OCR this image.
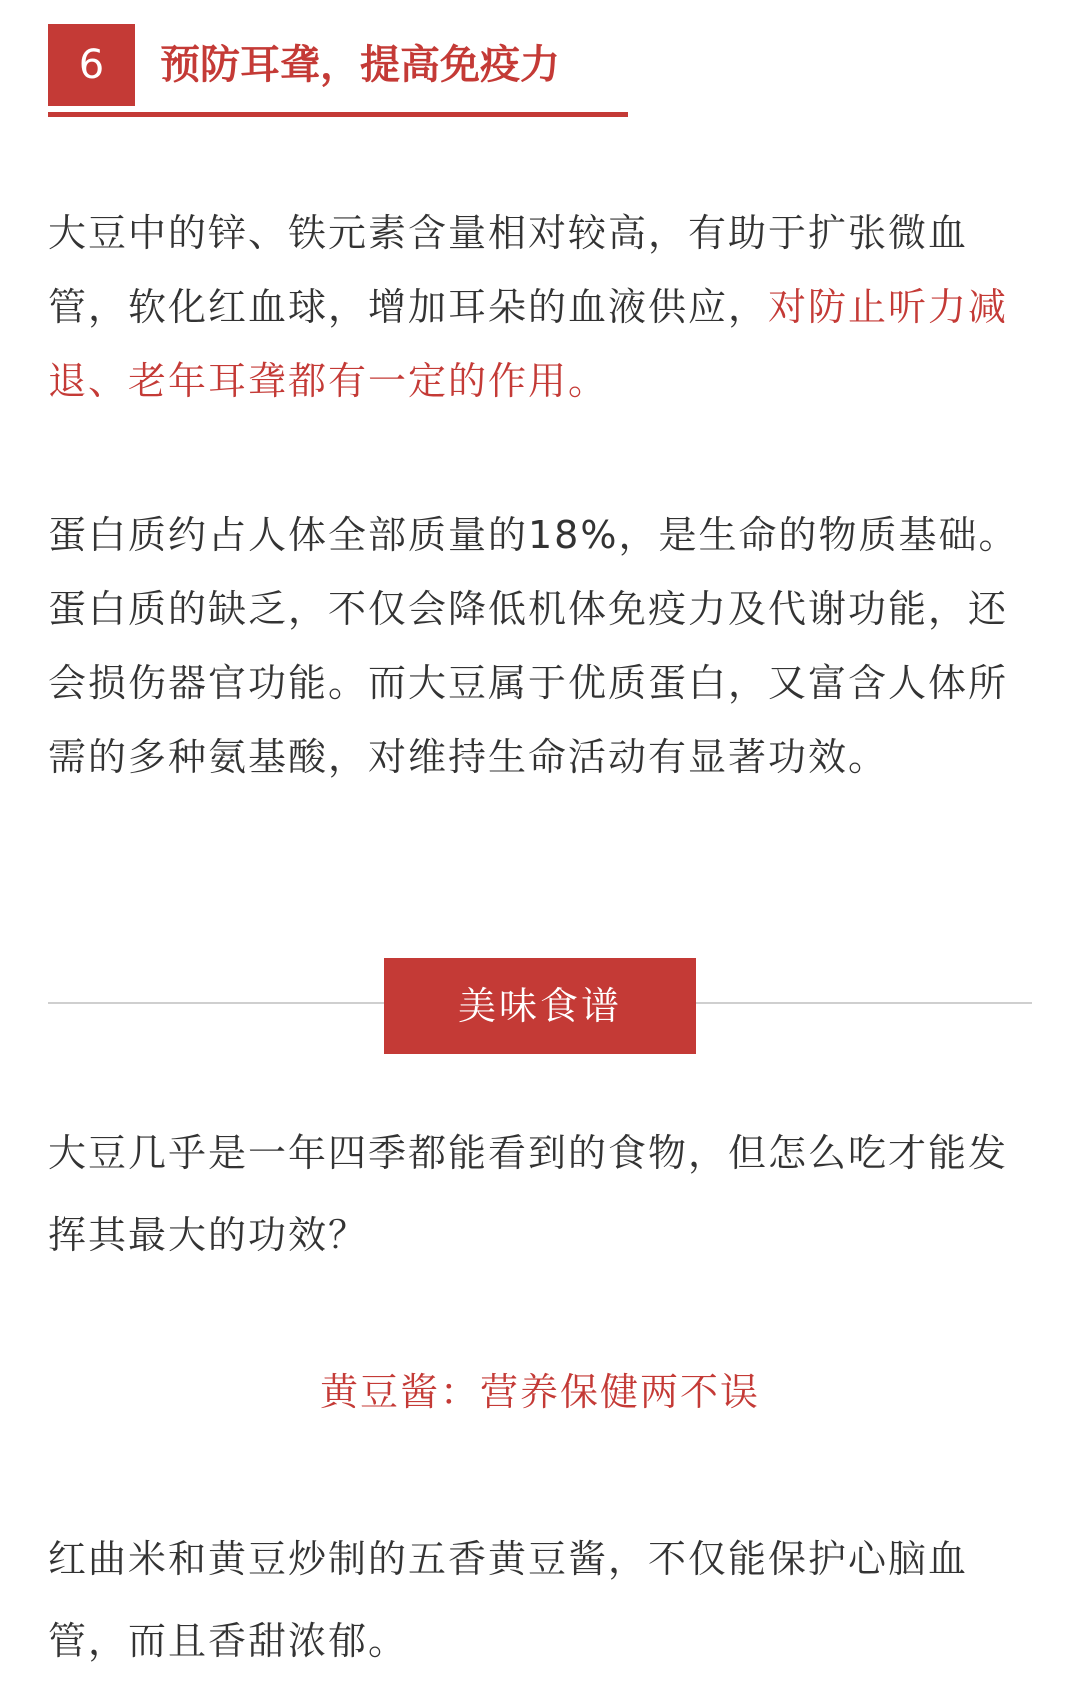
6	预防耳聋，提高免疫力

大豆中的锌、铁元素含量相对较高，有助于扩张微血管，软化红血球，增加耳朵的血液供应，对防止听力减退、老年耳聋都有一定的作用。

蛋白质约占人体全部质量的18%，是生命的物质基础。蛋白质的缺乏，不仅会降低机体免疫力及代谢功能，还会损伤器官功能。而大豆属于优质蛋白，又富含人体所需的多种氨基酸，对维持生命活动有显著功效。

美味食谱

大豆几乎是一年四季都能看到的食物，但怎么吃才能发挥其最大的功效？

黄豆酱：营养保健两不误

红曲米和黄豆炒制的五香黄豆酱，不仅能保护心脑血管，而且香甜浓郁。
